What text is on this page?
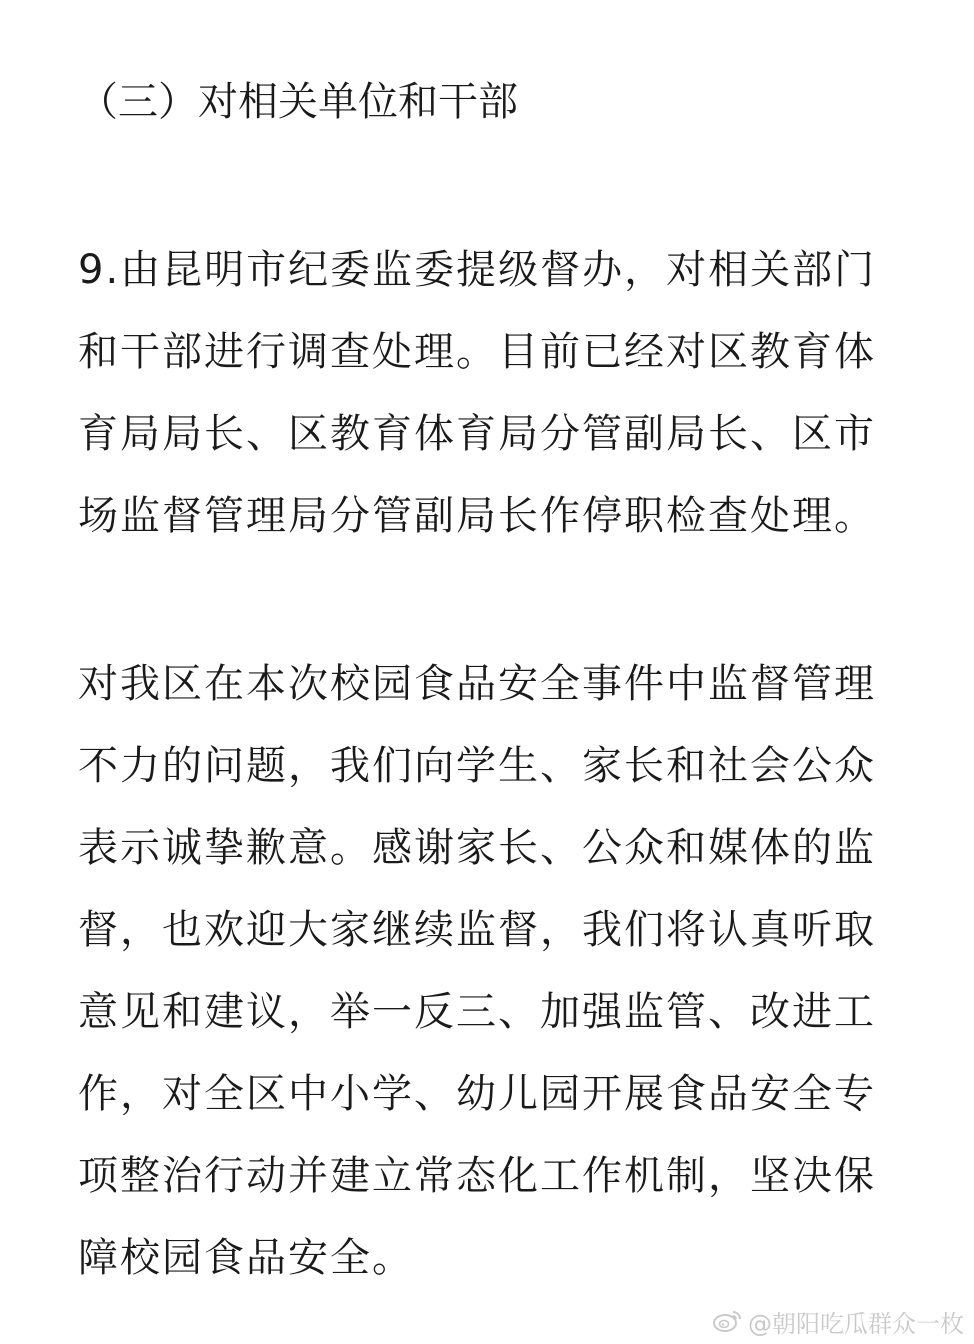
（三）对相关单位和干部

9.由昆明市纪委监委提级督办，对相关部门
和干部进行调查处理。目前已经对区教育体
育局局长、区教育体育局分管副局长、区市
场监督管理局分管副局长作停职检查处理。

对我区在本次校园食品安全事件中监督管理
不力的问题，我们向学生、家长和社会公众
表示诚挚歉意。感谢家长、公众和媒体的监
督，也欢迎大家继续监督，我们将认真听取
意见和建议，举一反三、加强监管、改进工
作，对全区中小学、幼儿园开展食品安全专
项整治行动并建立常态化工作机制，坚决保
障校园食品安全。

@朝阳吃瓜群众一枚
